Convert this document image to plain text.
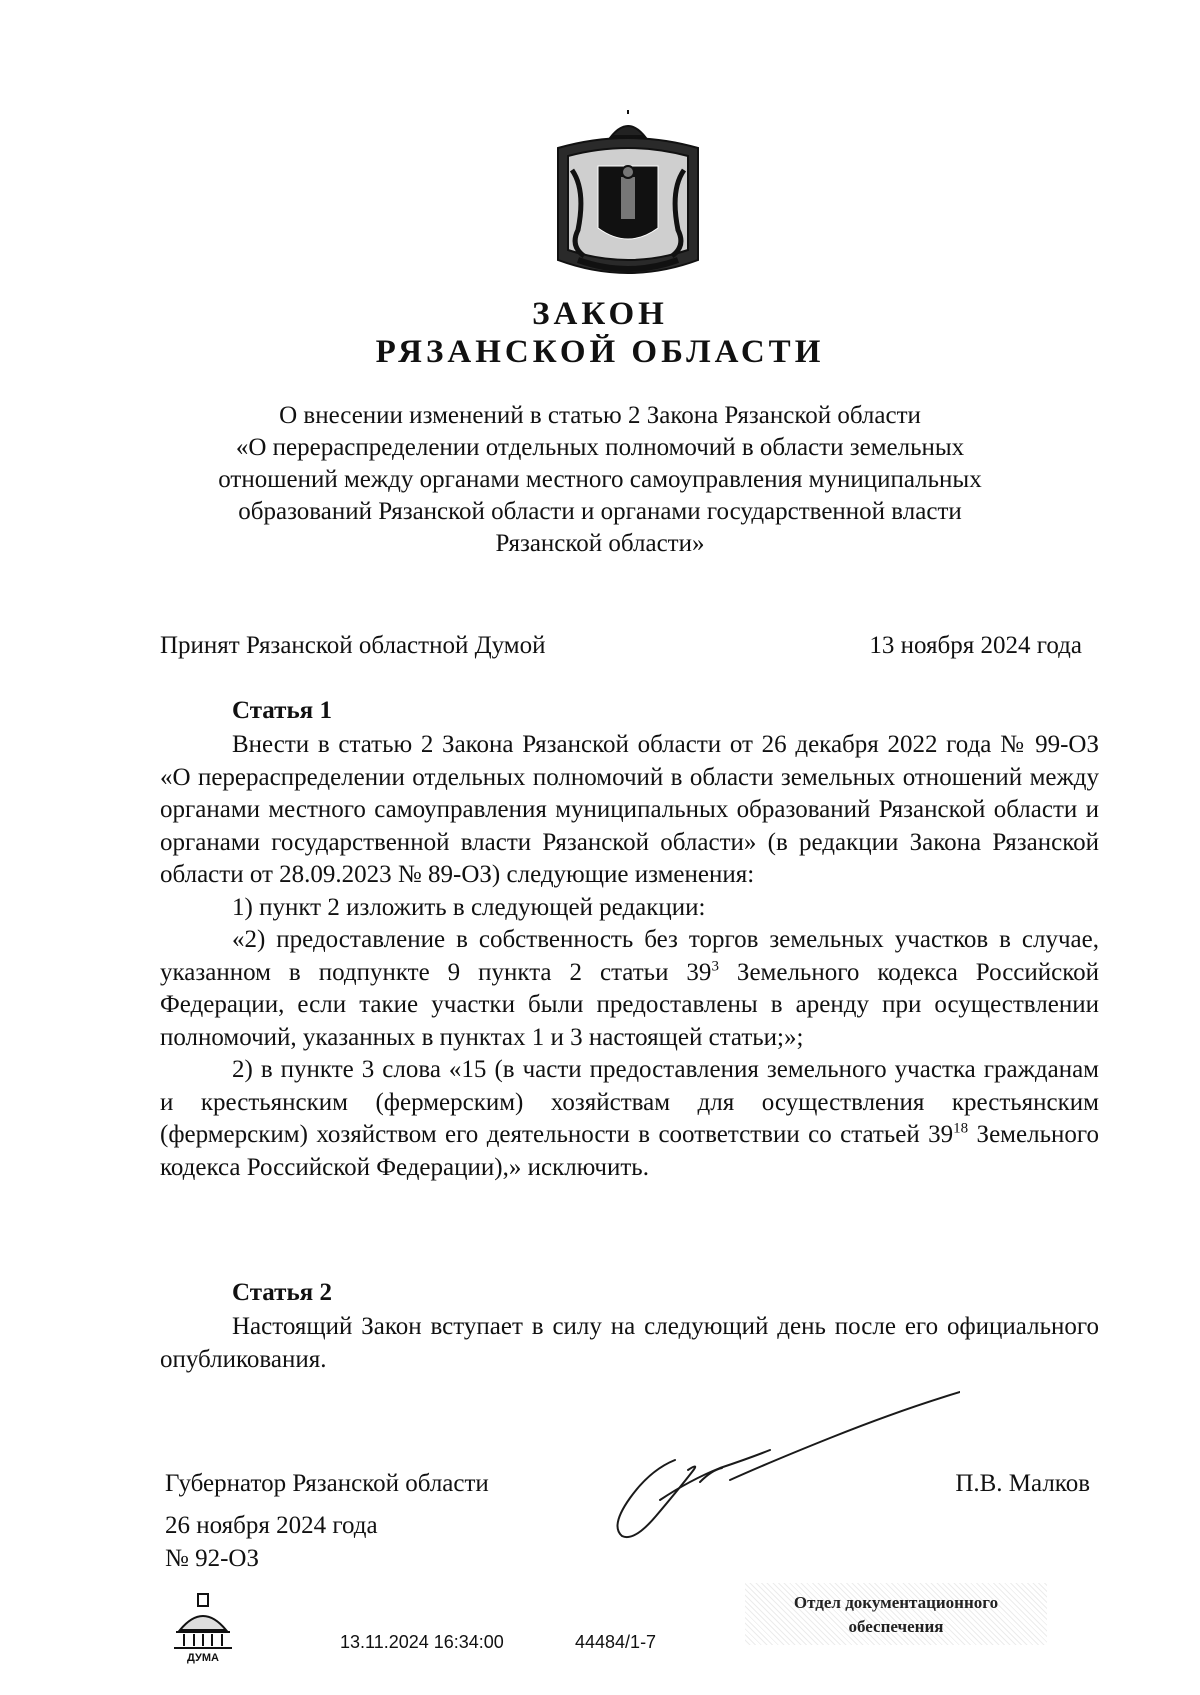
ЗАКОН
РЯЗАНСКОЙ ОБЛАСТИ
О внесении изменений в статью 2 Закона Рязанской области
«О перераспределении отдельных полномочий в области земельных
отношений между органами местного самоуправления муниципальных
образований Рязанской области и органами государственной власти
Рязанской области»
Принят Рязанской областной Думой	13 ноября 2024 года
Статья 1

Внести в статью 2 Закона Рязанской области от 26 декабря 2022 года № 99-ОЗ «О перераспределении отдельных полномочий в области земельных отношений между органами местного самоуправления муниципальных образований Рязанской области и органами государственной власти Рязанской области» (в редакции Закона Рязанской области от 28.09.2023 № 89-ОЗ) следующие изменения:

1) пункт 2 изложить в следующей редакции:

«2) предоставление в собственность без торгов земельных участков в случае, указанном в подпункте 9 пункта 2 статьи $39^3$ Земельного кодекса Российской Федерации, если такие участки были предоставлены в аренду при осуществлении полномочий, указанных в пунктах 1 и 3 настоящей статьи;»;

2) в пункте 3 слова «15 (в части предоставления земельного участка гражданам и крестьянским (фермерским) хозяйствам для осуществления крестьянским (фермерским) хозяйством его деятельности в соответствии со статьей $39^{18}$ Земельного кодекса Российской Федерации),» исключить.

Статья 2

Настоящий Закон вступает в силу на следующий день после его официального опубликования.

Губернатор Рязанской области	П.В. Малков
26 ноября 2024 года
№ 92-ОЗ
ДУМА
13.11.2024 16:34:00	44484/1-7
Отдел документационного
обеспечения
